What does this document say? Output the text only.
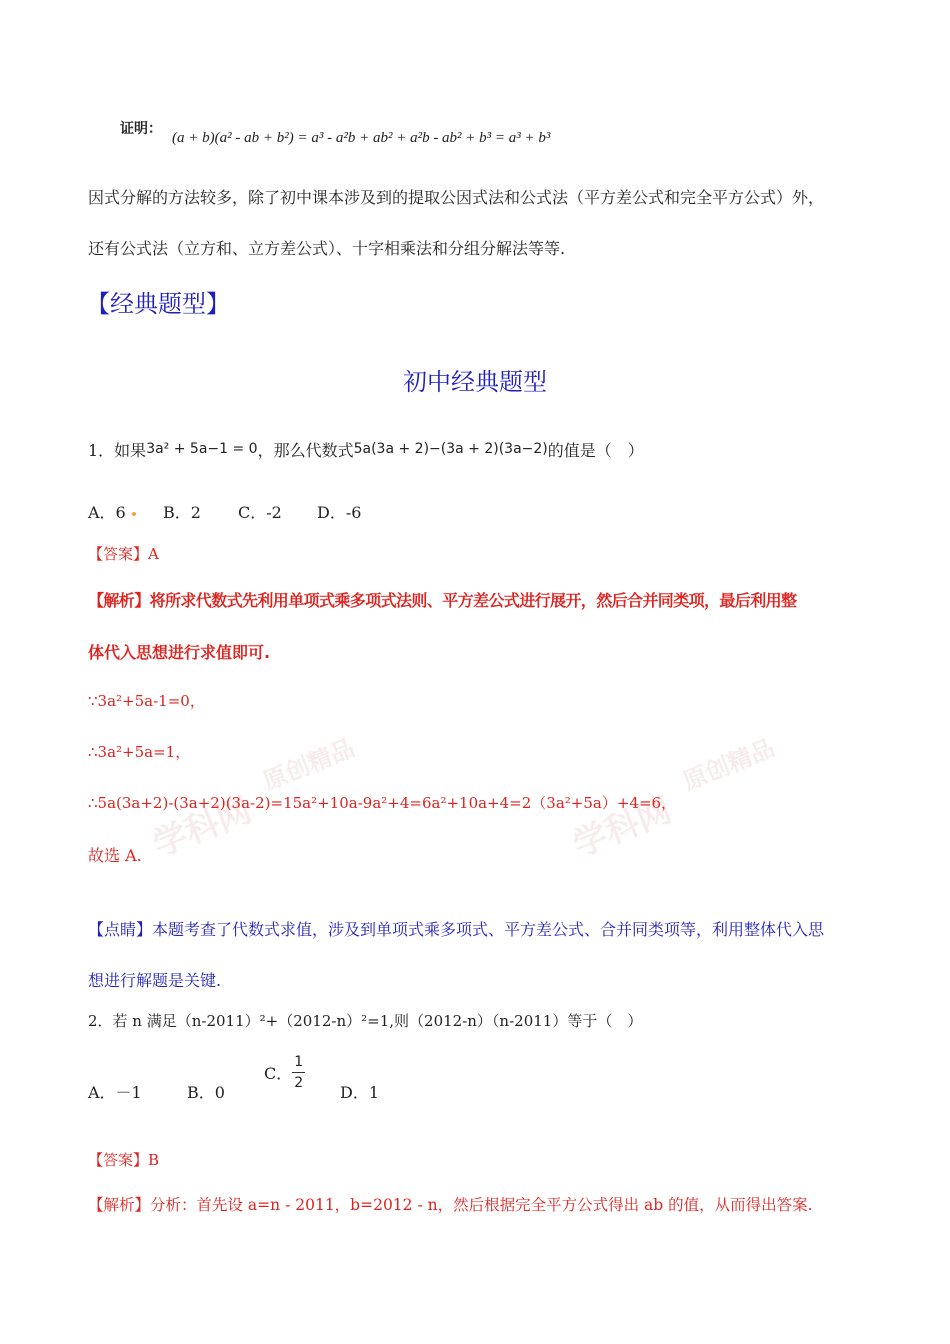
学科网
原创精品
学科网
原创精品
证明：
(a + b)(a² - ab + b²) = a³ - a²b + ab² + a²b - ab² + b³ = a³ + b³
因式分解的方法较多，除了初中课本涉及到的提取公因式法和公式法（平方差公式和完全平方公式）外，
还有公式法（立方和、立方差公式）、十字相乘法和分组分解法等等.
【经典题型】
初中经典题型
1．如果3a² + 5a−1 = 0，那么代数式5a(3a + 2)−(3a + 2)(3a−2)的值是（　）
A．6	B．2 C．-2 D．-6
【答案】A
【解析】将所求代数式先利用单项式乘多项式法则、平方差公式进行展开，然后合并同类项，最后利用整
体代入思想进行求值即可.
∵3a²+5a-1=0，
∴3a²+5a=1，
∴5a(3a+2)-(3a+2)(3a-2)=15a²+10a-9a²+4=6a²+10a+4=2（3a²+5a）+4=6，
故选 A.
【点睛】本题考查了代数式求值，涉及到单项式乘多项式、平方差公式、合并同类项等，利用整体代入思
想进行解题是关键.
2．若 n 满足（n-2011）²+（2012-n）²=1,则（2012-n）（n-2011）等于（　）
A．－1	B．0
C． $\frac{1}{2}$
D．1
【答案】B
【解析】分析：首先设 a=n - 2011，b=2012 - n，然后根据完全平方公式得出 ab 的值，从而得出答案.
